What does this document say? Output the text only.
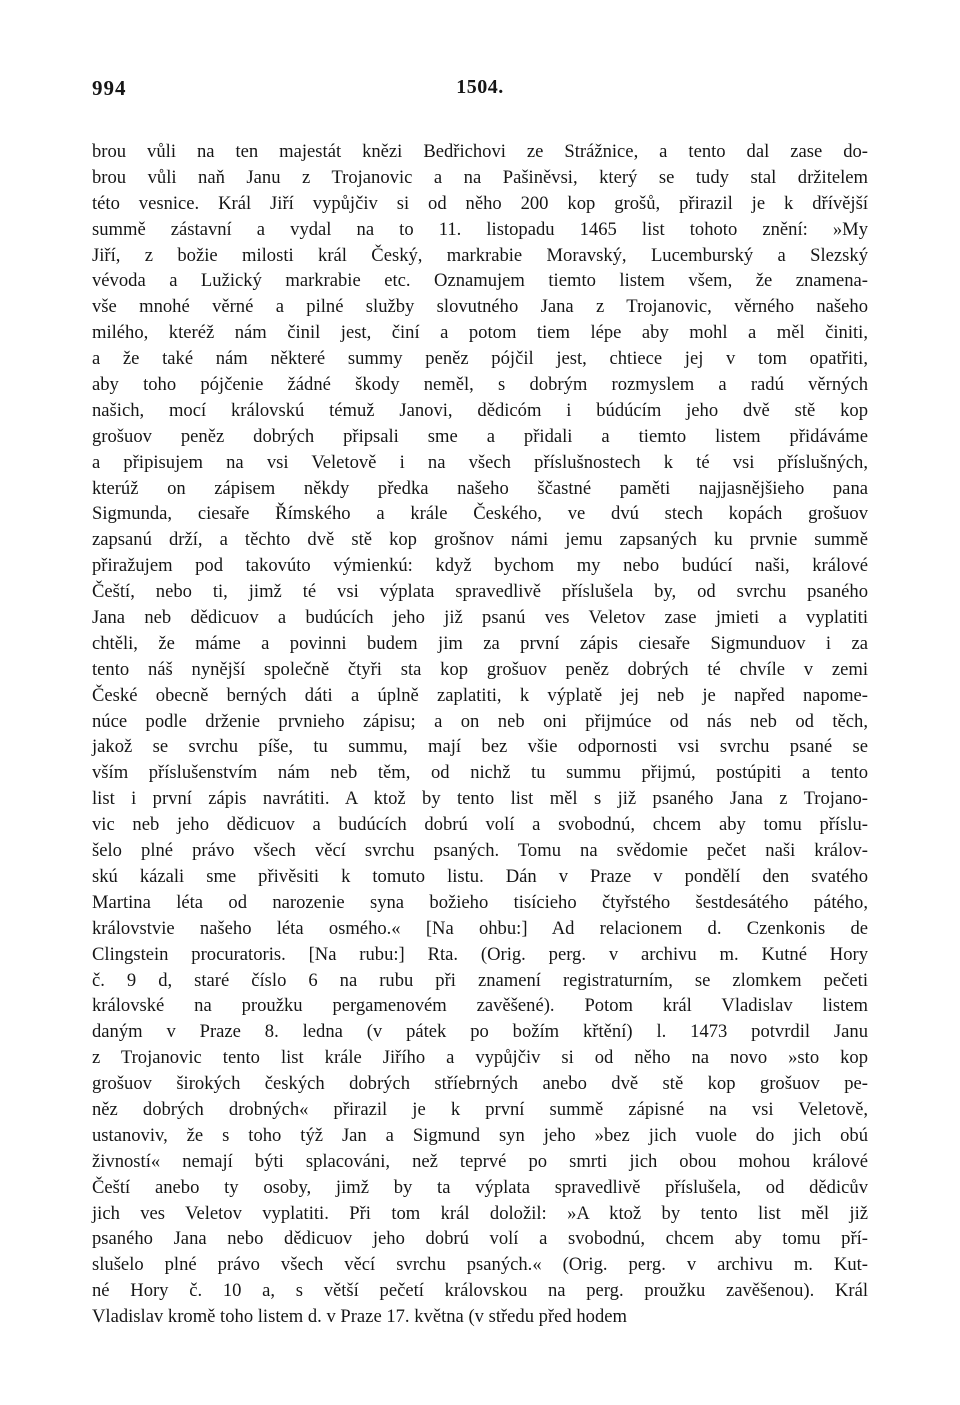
994	1504.
brou vůli na ten majestát knězi Bedřichovi ze Strážnice, a tento dal zase do-
brou vůli naň Janu z Trojanovic a na Pašiněvsi, který se tudy stal držitelem
této vesnice. Král Jiří vypůjčiv si od něho 200 kop grošů, přirazil je k dřívější
summě zástavní a vydal na to 11. listopadu 1465 list tohoto znění: »My
Jiří, z božie milosti král Český, markrabie Moravský, Lucemburský a Slezský
vévoda a Lužický markrabie etc. Oznamujem tiemto listem všem, že znamena-
vše mnohé věrné a pilné služby slovutného Jana z Trojanovic, věrného našeho
milého, kteréž nám činil jest, činí a potom tiem lépe aby mohl a měl činiti,
a že také nám některé summy peněz pójčil jest, chtiece jej v tom opatřiti,
aby toho pójčenie žádné škody neměl, s dobrým rozmyslem a radú věrných
našich, mocí královskú témuž Janovi, dědicóm i búdúcím jeho dvě stě kop
grošuov peněz dobrých připsali sme a přidali a tiemto listem přidáváme
a připisujem na vsi Veletově i na všech příslušnostech k té vsi příslušných,
kterúž on zápisem někdy předka našeho ščastné paměti najjasnějšieho pana
Sigmunda, ciesaře Římského a krále Českého, ve dvú stech kopách grošuov
zapsanú drží, a těchto dvě stě kop grošnov námi jemu zapsaných ku prvnie summě
přiražujem pod takovúto výmienkú: když bychom my nebo budúcí naši, králové
Čeští, nebo ti, jimž té vsi výplata spravedlivě příslušela by, od svrchu psaného
Jana neb dědicuov a budúcích jeho již psanú ves Veletov zase jmieti a vyplatiti
chtěli, že máme a povinni budem jim za první zápis ciesaře Sigmunduov i za
tento náš nynější společně čtyři sta kop grošuov peněz dobrých té chvíle v zemi
České obecně berných dáti a úplně zaplatiti, k výplatě jej neb je napřed napome-
núce podle drženie prvnieho zápisu; a on neb oni přijmúce od nás neb od těch,
jakož se svrchu píše, tu summu, mají bez všie odpornosti vsi svrchu psané se
vším příslušenstvím nám neb těm, od nichž tu summu přijmú, postúpiti a tento
list i první zápis navrátiti. A ktož by tento list měl s již psaného Jana z Trojano-
vic neb jeho dědicuov a budúcích dobrú volí a svobodnú, chcem aby tomu příslu-
šelo plné právo všech věcí svrchu psaných. Tomu na svědomie pečet naši králov-
skú kázali sme přivěsiti k tomuto listu. Dán v Praze v pondělí den svatého
Martina léta od narozenie syna božieho tisícieho čtyřstého šestdesátého pátého,
královstvie našeho léta osmého.« [Na ohbu:] Ad relacionem d. Czenkonis de
Clingstein procuratoris. [Na rubu:] Rta. (Orig. perg. v archivu m. Kutné Hory
č. 9 d, staré číslo 6 na rubu při znamení registraturním, se zlomkem pečeti
královské na proužku pergamenovém zavěšené). Potom král Vladislav listem
daným v Praze 8. ledna (v pátek po božím křtění) l. 1473 potvrdil Janu
z Trojanovic tento list krále Jiřího a vypůjčiv si od něho na novo »sto kop
grošuov širokých českých dobrých stříebrných anebo dvě stě kop grošuov pe-
něz dobrých drobných« přirazil je k první summě zápisné na vsi Veletově,
ustanoviv, že s toho týž Jan a Sigmund syn jeho »bez jich vuole do jich obú
živností« nemají býti splacováni, než teprvé po smrti jich obou mohou králové
Čeští anebo ty osoby, jimž by ta výplata spravedlivě příslušela, od dědicův
jich ves Veletov vyplatiti. Při tom král doložil: »A ktož by tento list měl již
psaného Jana nebo dědicuov jeho dobrú volí a svobodnú, chcem aby tomu pří-
slušelo plné právo všech věcí svrchu psaných.« (Orig. perg. v archivu m. Kut-
né Hory č. 10 a, s větší pečetí královskou na perg. proužku zavěšenou). Král
Vladislav kromě toho listem d. v Praze 17. května (v středu před hodem
